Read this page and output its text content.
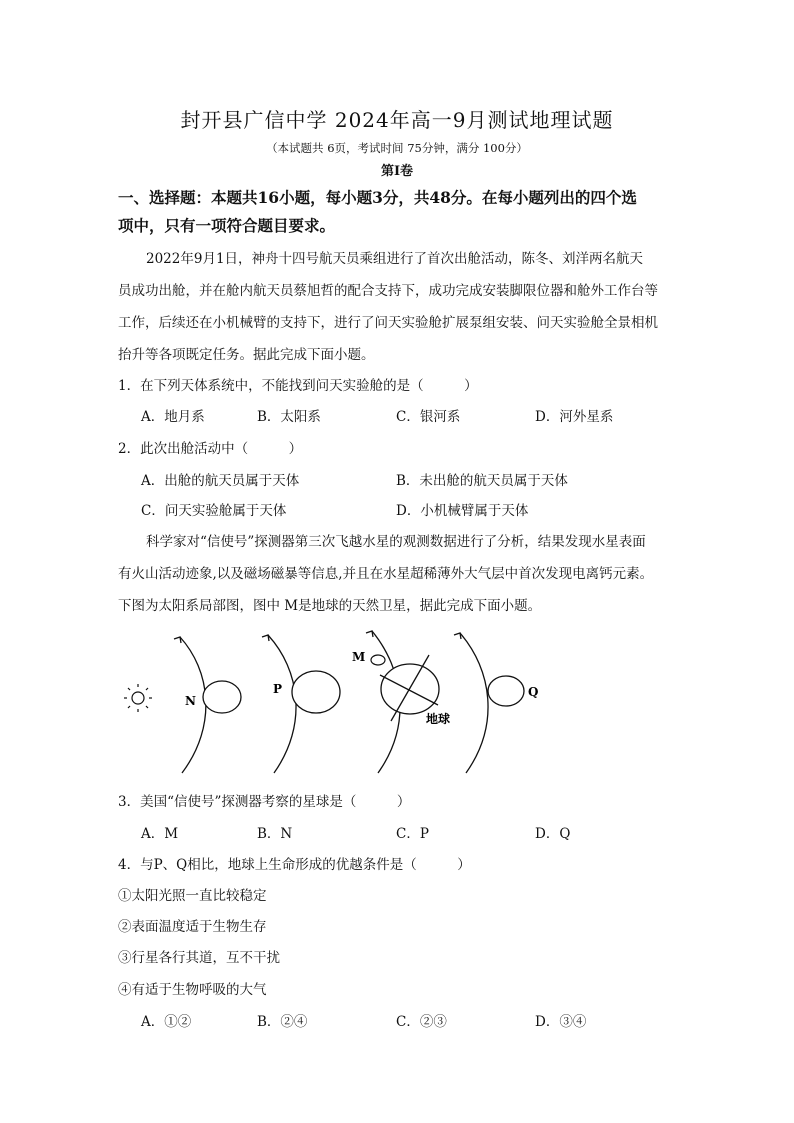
封开县广信中学 2024年高一9月测试地理试题
（本试题共 6页，考试时间 75分钟，满分 100分）
第Ⅰ卷
一、选择题：本题共16小题，每小题3分，共48分。在每小题列出的四个选
项中，只有一项符合题目要求。
2022年9月1日，神舟十四号航天员乘组进行了首次出舱活动，陈冬、刘洋两名航天
员成功出舱，并在舱内航天员蔡旭哲的配合支持下，成功完成安装脚限位器和舱外工作台等
工作，后续还在小机械臂的支持下，进行了问天实验舱扩展泵组安装、问天实验舱全景相机
抬升等各项既定任务。据此完成下面小题。
1．在下列天体系统中，不能找到问天实验舱的是（　　　）
A．地月系	B．太阳系	C．银河系	D．河外星系
2．此次出舱活动中（　　　）
A．出舱的航天员属于天体	B．未出舱的航天员属于天体
C．问天实验舱属于天体	D．小机械臂属于天体
科学家对“信使号”探测器第三次飞越水星的观测数据进行了分析，结果发现水星表面
有火山活动迹象,以及磁场磁暴等信息,并且在水星超稀薄外大气层中首次发现电离钙元素。
下图为太阳系局部图，图中 M是地球的天然卫星，据此完成下面小题。
N
P
M
地球
Q
3．美国“信使号”探测器考察的星球是（　　　）
A．M	B．N	C．P	D．Q
4．与P、Q相比，地球上生命形成的优越条件是（　　　）
①太阳光照一直比较稳定
②表面温度适于生物生存
③行星各行其道，互不干扰
④有适于生物呼吸的大气
A．①②	B．②④	C．②③	D．③④
